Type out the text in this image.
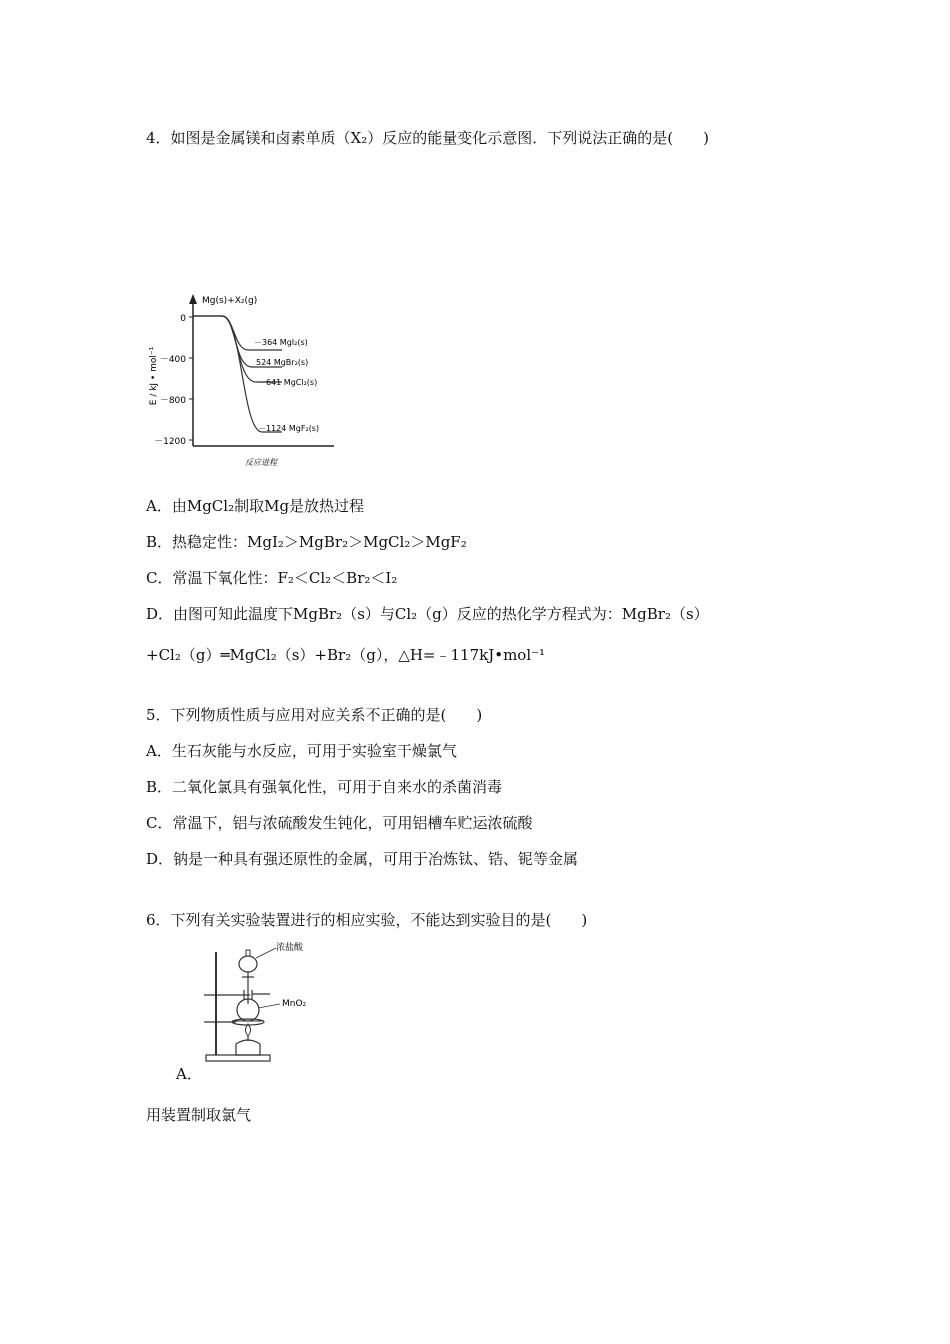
4．如图是金属镁和卤素单质（X₂）反应的能量变化示意图．下列说法正确的是(　　)
0
－400
－800
－1200
E / kJ • mol⁻¹
Mg(s)+X₂(g)
－364 MgI₂(s)
524 MgBr₂(s)
－641 MgCl₂(s)
－1124 MgF₂(s)
反应进程
A．由MgCl₂制取Mg是放热过程
B．热稳定性：MgI₂＞MgBr₂＞MgCl₂＞MgF₂
C．常温下氧化性：F₂＜Cl₂＜Br₂＜I₂
D．由图可知此温度下MgBr₂（s）与Cl₂（g）反应的热化学方程式为：MgBr₂（s）
+Cl₂（g）═MgCl₂（s）+Br₂（g），△H=﹣117kJ•mol⁻¹
5．下列物质性质与应用对应关系不正确的是(　　)
A．生石灰能与水反应，可用于实验室干燥氯气
B．二氧化氯具有强氧化性，可用于自来水的杀菌消毒
C．常温下，铝与浓硫酸发生钝化，可用铝槽车贮运浓硫酸
D．钠是一种具有强还原性的金属，可用于冶炼钛、锆、铌等金属
6．下列有关实验装置进行的相应实验，不能达到实验目的是(　　)
浓盐酸
MnO₂
A．
用装置制取氯气
